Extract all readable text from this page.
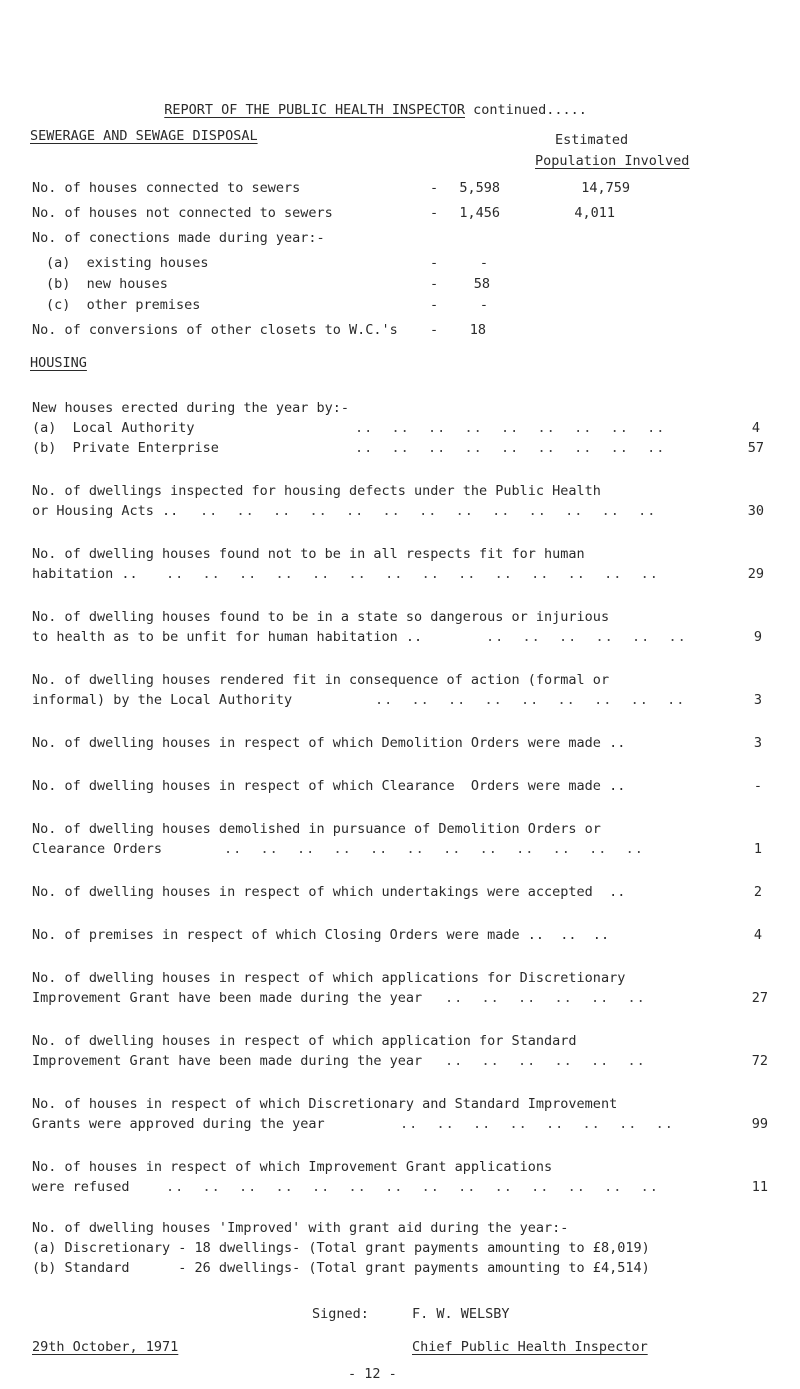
REPORT OF THE PUBLIC HEALTH INSPECTOR continued.....

SEWERAGE AND SEWAGE DISPOSAL	Estimated
Population Involved
No. of houses connected to sewers	-	5,598	14,759
No. of houses not connected to sewers	-	1,456	4,011
No. of conections made during year:-
(a)  existing houses	-	-
(b)  new houses	-	58
(c)  other premises	-	-
No. of conversions of other closets to W.C.'s -	18
HOUSING
New houses erected during the year by:-
(a)  Local Authority	..  ..  ..  ..  ..  ..  ..  ..  ..	4
(b)  Private Enterprise	..  ..  ..  ..  ..  ..  ..  ..  ..	57
No. of dwellings inspected for housing defects under the Public Health
or Housing Acts .. ..  ..  ..  ..  ..  ..  ..  ..  ..  ..  ..  ..  ..	30
No. of dwelling houses found not to be in all respects fit for human
habitation .. ..  ..  ..  ..  ..  ..  ..  ..  ..  ..  ..  ..  ..  ..	29
No. of dwelling houses found to be in a state so dangerous or injurious
to health as to be unfit for human habitation ..	..  ..  ..  ..  ..  ..	9
No. of dwelling houses rendered fit in consequence of action (formal or
informal) by the Local Authority	..  ..  ..  ..  ..  ..  ..  ..  ..	3
No. of dwelling houses in respect of which Demolition Orders were made ..	3
No. of dwelling houses in respect of which Clearance  Orders were made ..	-
No. of dwelling houses demolished in pursuance of Demolition Orders or
Clearance Orders	..  ..  ..  ..  ..  ..  ..  ..  ..  ..  ..  ..	1
No. of dwelling houses in respect of which undertakings were accepted  ..	2
No. of premises in respect of which Closing Orders were made ..  ..  ..	4
No. of dwelling houses in respect of which applications for Discretionary
Improvement Grant have been made during the year ..  ..  ..  ..  ..  ..	27
No. of dwelling houses in respect of which application for Standard
Improvement Grant have been made during the year ..  ..  ..  ..  ..  ..	72
No. of houses in respect of which Discretionary and Standard Improvement
Grants were approved during the year	..  ..  ..  ..  ..  ..  ..  ..	99
No. of houses in respect of which Improvement Grant applications
were refused	..  ..  ..  ..  ..  ..  ..  ..  ..  ..  ..  ..  ..  ..	11
No. of dwelling houses 'Improved' with grant aid during the year:-
(a) Discretionary - 18 dwellings- (Total grant payments amounting to £8,019)
(b) Standard      - 26 dwellings- (Total grant payments amounting to £4,514)
Signed:	F. W. WELSBY
29th October, 1971	Chief Public Health Inspector
- 12 -
